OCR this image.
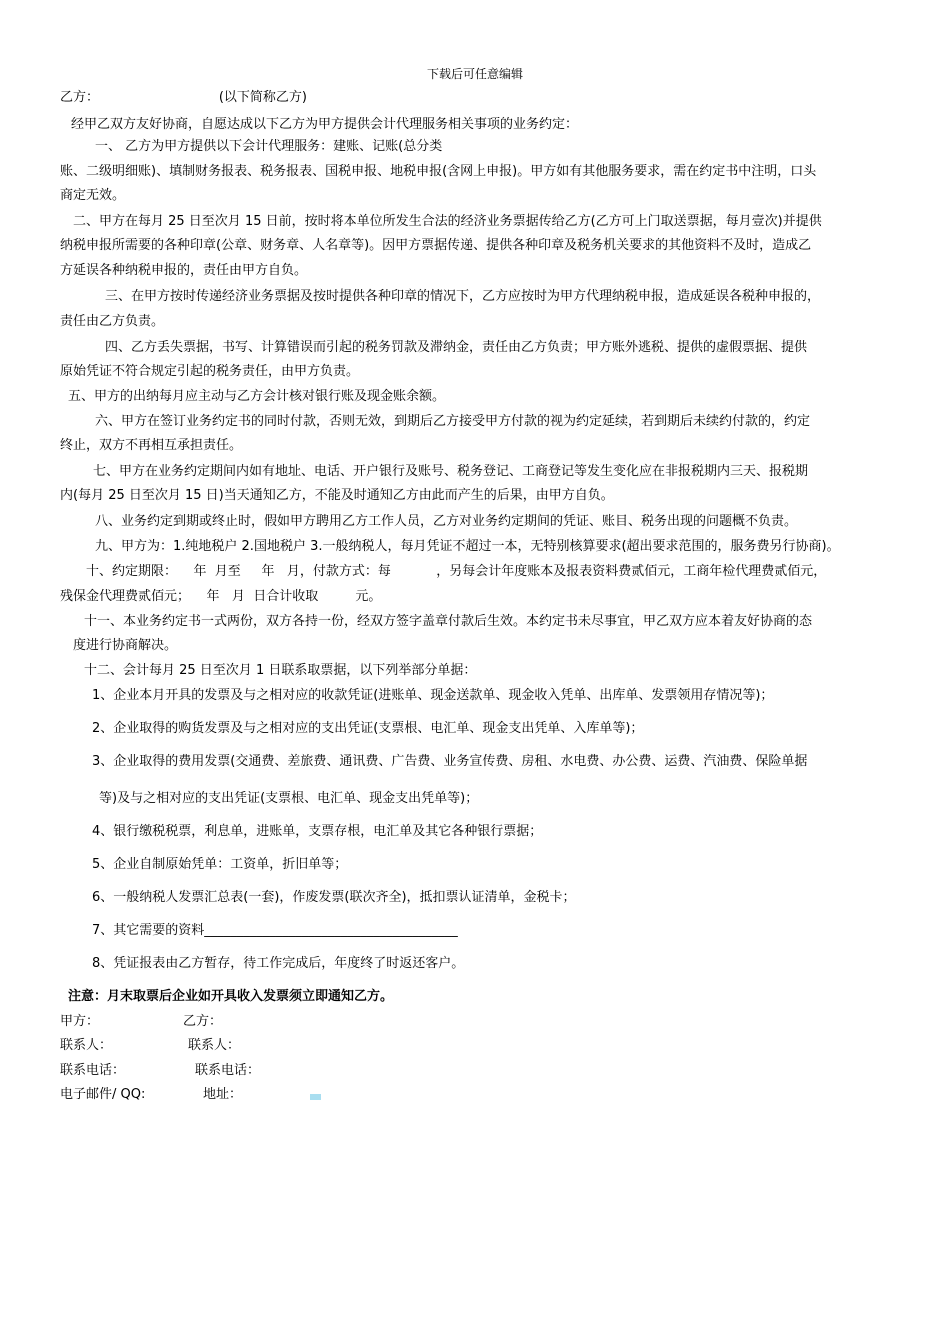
下载后可任意编辑
乙方：                             (以下简称乙方)
经甲乙双方友好协商，自愿达成以下乙方为甲方提供会计代理服务相关事项的业务约定：
一、 乙方为甲方提供以下会计代理服务：建账、记账(总分类
账、二级明细账)、填制财务报表、税务报表、国税申报、地税申报(含网上申报)。甲方如有其他服务要求，需在约定书中注明，口头
商定无效。
二、甲方在每月 25 日至次月 15 日前，按时将本单位所发生合法的经济业务票据传给乙方(乙方可上门取送票据，每月壹次)并提供
纳税申报所需要的各种印章(公章、财务章、人名章等)。因甲方票据传递、提供各种印章及税务机关要求的其他资料不及时，造成乙
方延误各种纳税申报的，责任由甲方自负。
三、在甲方按时传递经济业务票据及按时提供各种印章的情况下，乙方应按时为甲方代理纳税申报，造成延误各税种申报的，
责任由乙方负责。
四、乙方丢失票据，书写、计算错误而引起的税务罚款及滞纳金，责任由乙方负责；甲方账外逃税、提供的虚假票据、提供
原始凭证不符合规定引起的税务责任，由甲方负责。
五、甲方的出纳每月应主动与乙方会计核对银行账及现金账余额。
六、甲方在签订业务约定书的同时付款，否则无效，到期后乙方接受甲方付款的视为约定延续，若到期后未续约付款的，约定
终止，双方不再相互承担责任。
七、甲方在业务约定期间内如有地址、电话、开户银行及账号、税务登记、工商登记等发生变化应在非报税期内三天、报税期
内(每月 25 日至次月 15 日)当天通知乙方，不能及时通知乙方由此而产生的后果，由甲方自负。
八、业务约定到期或终止时，假如甲方聘用乙方工作人员，乙方对业务约定期间的凭证、账目、税务出现的问题概不负责。
九、甲方为：1.纯地税户 2.国地税户 3.一般纳税人，每月凭证不超过一本，无特别核算要求(超出要求范围的，服务费另行协商)。
十、约定期限：    年  月至     年   月，付款方式：每           ，另每会计年度账本及报表资料费贰佰元，工商年检代理费贰佰元，
残保金代理费贰佰元；    年   月  日合计收取         元。
十一、本业务约定书一式两份，双方各持一份，经双方签字盖章付款后生效。本约定书未尽事宜，甲乙双方应本着友好协商的态
度进行协商解决。
十二、会计每月 25 日至次月 1 日联系取票据，以下列举部分单据：
1、企业本月开具的发票及与之相对应的收款凭证(进账单、现金送款单、现金收入凭单、出库单、发票领用存情况等)；
2、企业取得的购货发票及与之相对应的支出凭证(支票根、电汇单、现金支出凭单、入库单等)；
3、企业取得的费用发票(交通费、差旅费、通讯费、广告费、业务宣传费、房租、水电费、办公费、运费、汽油费、保险单据
等)及与之相对应的支出凭证(支票根、电汇单、现金支出凭单等)；
4、银行缴税税票，利息单，进账单，支票存根，电汇单及其它各种银行票据；
5、企业自制原始凭单：工资单，折旧单等；
6、一般纳税人发票汇总表(一套)，作废发票(联次齐全)，抵扣票认证清单，金税卡；
7、其它需要的资料_______________________________________
8、凭证报表由乙方暂存，待工作完成后，年度终了时返还客户。
注意：月末取票后企业如开具收入发票须立即通知乙方。
甲方：	乙方：
联系人：	联系人：
联系电话：	联系电话：
电子邮件/ QQ:	地址：
